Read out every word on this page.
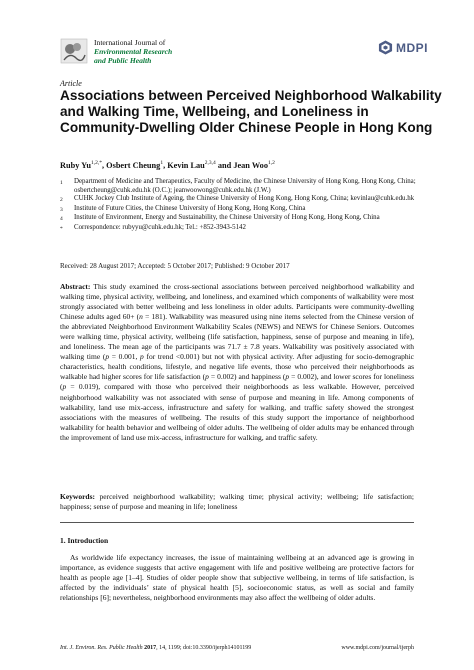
International Journal of
Environmental Research
and Public Health
MDPI
Article
Associations between Perceived Neighborhood Walkability and Walking Time, Wellbeing, and Loneliness in Community-Dwelling Older Chinese People in Hong Kong
Ruby $Yu^{1,2,*}$, Osbert Cheung$^1$, Kevin Lau$^{2,3,4}$ and Jean Woo$^{1,2}$
1	Department of Medicine and Therapeutics, Faculty of Medicine, the Chinese University of Hong Kong, Hong Kong, China; osbertcheung@cuhk.edu.hk (O.C.); jeanwoowong@cuhk.edu.hk (J.W.)
2	CUHK Jockey Club Institute of Ageing, the Chinese University of Hong Kong, Hong Kong, China; kevinlau@cuhk.edu.hk
3	Institute of Future Cities, the Chinese University of Hong Kong, Hong Kong, China
4	Institute of Environment, Energy and Sustainability, the Chinese University of Hong Kong, Hong Kong, China
*	Correspondence: rubyyu@cuhk.edu.hk; Tel.: +852-3943-5142
Received: 28 August 2017; Accepted: 5 October 2017; Published: 9 October 2017
Abstract: This study examined the cross-sectional associations between perceived neighborhood walkability and walking time, physical activity, wellbeing, and loneliness, and examined which components of walkability were most strongly associated with better wellbeing and less loneliness in older adults. Participants were community-dwelling Chinese adults aged 60+ (n = 181). Walkability was measured using nine items selected from the Chinese version of the abbreviated Neighborhood Environment Walkability Scales (NEWS) and NEWS for Chinese Seniors. Outcomes were walking time, physical activity, wellbeing (life satisfaction, happiness, sense of purpose and meaning in life), and loneliness. The mean age of the participants was 71.7 ± 7.8 years. Walkability was positively associated with walking time (p = 0.001, p for trend <0.001) but not with physical activity. After adjusting for socio-demographic characteristics, health conditions, lifestyle, and negative life events, those who perceived their neighborhoods as walkable had higher scores for life satisfaction (p = 0.002) and happiness (p = 0.002), and lower scores for loneliness (p = 0.019), compared with those who perceived their neighborhoods as less walkable. However, perceived neighborhood walkability was not associated with sense of purpose and meaning in life. Among components of walkability, land use mix-access, infrastructure and safety for walking, and traffic safety showed the strongest associations with the measures of wellbeing. The results of this study support the importance of neighborhood walkability for health behavior and wellbeing of older adults. The wellbeing of older adults may be enhanced through the improvement of land use mix-access, infrastructure for walking, and traffic safety.
Keywords: perceived neighborhood walkability; walking time; physical activity; wellbeing; life satisfaction; happiness; sense of purpose and meaning in life; loneliness
1. Introduction
As worldwide life expectancy increases, the issue of maintaining wellbeing at an advanced age is growing in importance, as evidence suggests that active engagement with life and positive wellbeing are protective factors for health as people age [1–4]. Studies of older people show that subjective wellbeing, in terms of life satisfaction, is affected by the individuals’ state of physical health [5], socioeconomic status, as well as social and family relationships [6]; nevertheless, neighborhood environments may also affect the wellbeing of older adults.
Int. J. Environ. Res. Public Health 2017, 14, 1199; doi:10.3390/ijerph14101199	www.mdpi.com/journal/ijerph
